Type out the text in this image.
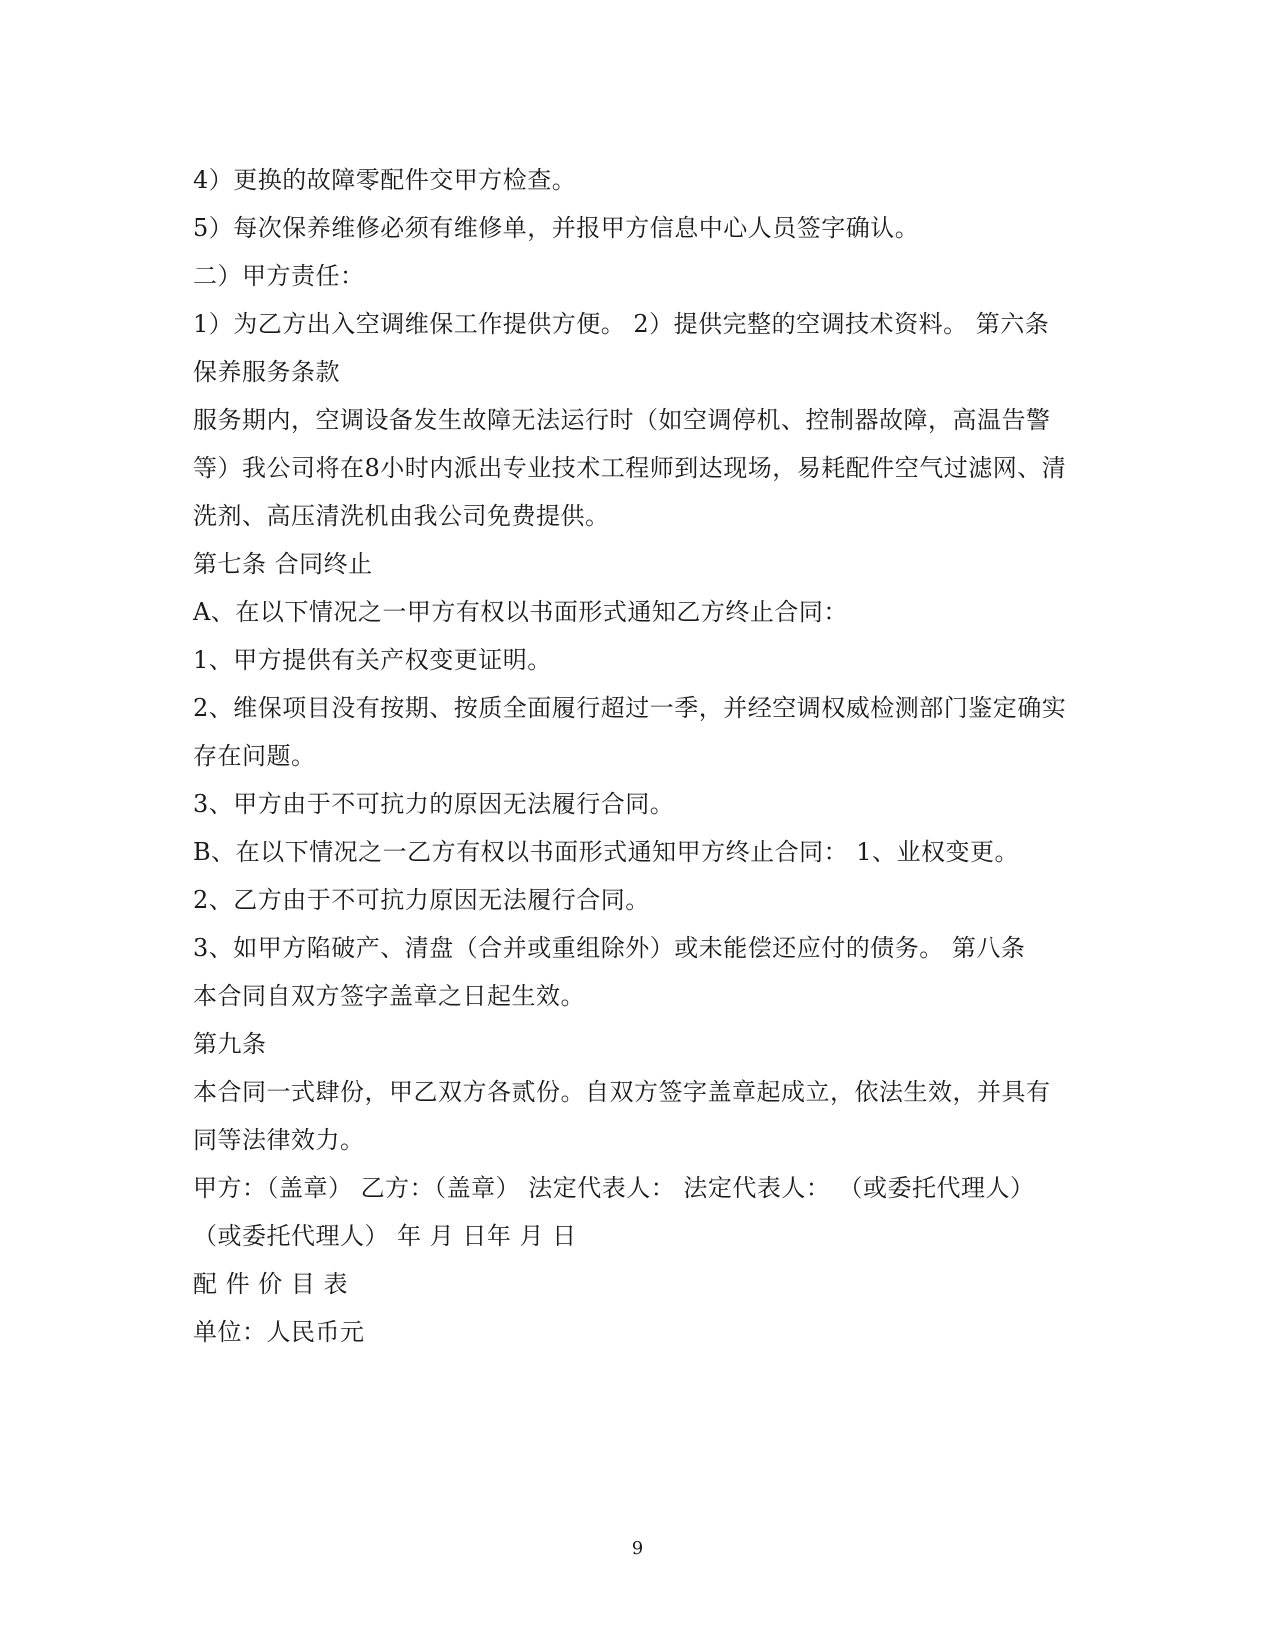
4）更换的故障零配件交甲方检查。
5）每次保养维修必须有维修单，并报甲方信息中心人员签字确认。
二）甲方责任：
1）为乙方出入空调维保工作提供方便。 2）提供完整的空调技术资料。 第六条
保养服务条款
服务期内，空调设备发生故障无法运行时（如空调停机、控制器故障，高温告警
等）我公司将在8小时内派出专业技术工程师到达现场，易耗配件空气过滤网、清
洗剂、高压清洗机由我公司免费提供。
第七条 合同终止
A、在以下情况之一甲方有权以书面形式通知乙方终止合同：
1、甲方提供有关产权变更证明。
2、维保项目没有按期、按质全面履行超过一季，并经空调权威检测部门鉴定确实
存在问题。
3、甲方由于不可抗力的原因无法履行合同。
B、在以下情况之一乙方有权以书面形式通知甲方终止合同： 1、业权变更。
2、乙方由于不可抗力原因无法履行合同。
3、如甲方陷破产、清盘（合并或重组除外）或未能偿还应付的债务。 第八条
本合同自双方签字盖章之日起生效。
第九条
本合同一式肆份，甲乙双方各贰份。自双方签字盖章起成立，依法生效，并具有
同等法律效力。
甲方：（盖章） 乙方：（盖章） 法定代表人： 法定代表人： （或委托代理人）
（或委托代理人） 年 月 日年 月 日
配 件 价 目 表
单位：人民币元
9
